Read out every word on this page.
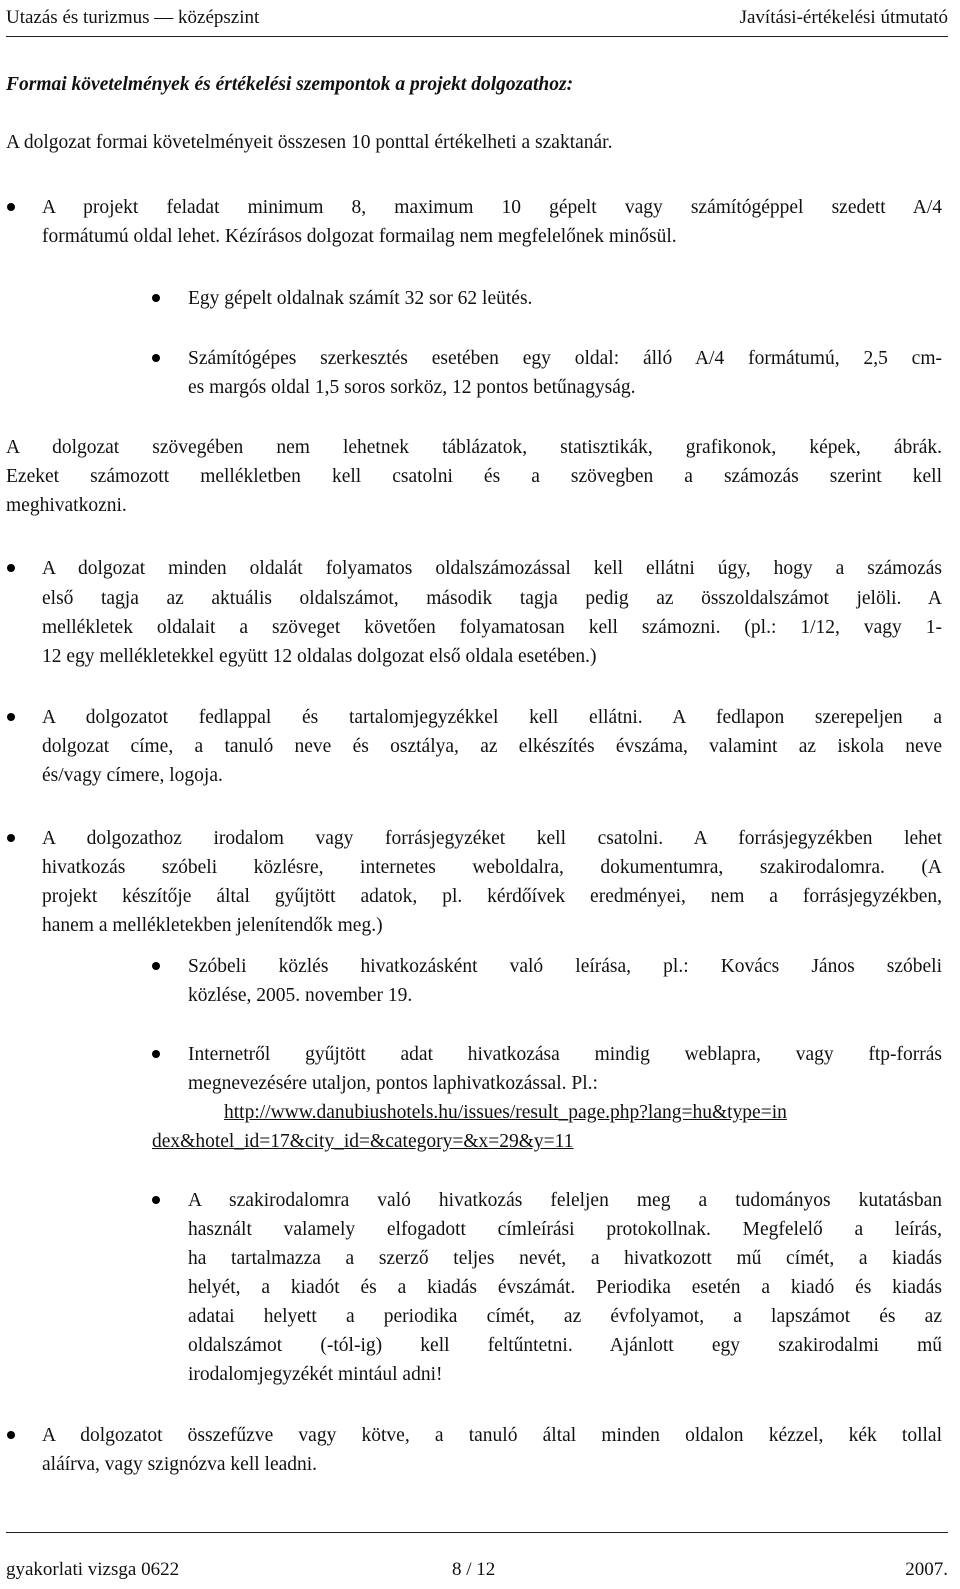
Utazás és turizmus — középszint	Javítási-értékelési útmutató
Formai követelmények és értékelési szempontok a projekt dolgozathoz:
A dolgozat formai követelményeit összesen 10 ponttal értékelheti a szaktanár.
A projekt feladat minimum 8, maximum 10 gépelt vagy számítógéppel szedett A/4
formátumú oldal lehet. Kézírásos dolgozat formailag nem megfelelőnek minősül.
Egy gépelt oldalnak számít 32 sor 62 leütés.
Számítógépes szerkesztés esetében egy oldal: álló A/4 formátumú, 2,5 cm-
es margós oldal 1,5 soros sorköz, 12 pontos betűnagyság.
A dolgozat szövegében nem lehetnek táblázatok, statisztikák, grafikonok, képek, ábrák.
Ezeket számozott mellékletben kell csatolni és a szövegben a számozás szerint kell
meghivatkozni.
A dolgozat minden oldalát folyamatos oldalszámozással kell ellátni úgy, hogy a számozás
első tagja az aktuális oldalszámot, második tagja pedig az összoldalszámot jelöli. A
mellékletek oldalait a szöveget követően folyamatosan kell számozni. (pl.: 1/12, vagy 1-
12 egy mellékletekkel együtt 12 oldalas dolgozat első oldala esetében.)
A dolgozatot fedlappal és tartalomjegyzékkel kell ellátni. A fedlapon szerepeljen a
dolgozat címe, a tanuló neve és osztálya, az elkészítés évszáma, valamint az iskola neve
és/vagy címere, logoja.
A dolgozathoz irodalom vagy forrásjegyzéket kell csatolni. A forrásjegyzékben lehet
hivatkozás szóbeli közlésre, internetes weboldalra, dokumentumra, szakirodalomra. (A
projekt készítője által gyűjtött adatok, pl. kérdőívek eredményei, nem a forrásjegyzékben,
hanem a mellékletekben jelenítendők meg.)
Szóbeli közlés hivatkozásként való leírása, pl.: Kovács János szóbeli
közlése, 2005. november 19.
Internetről gyűjtött adat hivatkozása mindig weblapra, vagy ftp-forrás
megnevezésére utaljon, pontos laphivatkozással. Pl.:
http://www.danubiushotels.hu/issues/result_page.php?lang=hu&type=in
dex&hotel_id=17&city_id=&category=&x=29&y=11
A szakirodalomra való hivatkozás feleljen meg a tudományos kutatásban
használt valamely elfogadott címleírási protokollnak. Megfelelő a leírás,
ha tartalmazza a szerző teljes nevét, a hivatkozott mű címét, a kiadás
helyét, a kiadót és a kiadás évszámát. Periodika esetén a kiadó és kiadás
adatai helyett a periodika címét, az évfolyamot, a lapszámot és az
oldalszámot (-tól-ig) kell feltűntetni. Ajánlott egy szakirodalmi mű
irodalomjegyzékét mintául adni!
A dolgozatot összefűzve vagy kötve, a tanuló által minden oldalon kézzel, kék tollal
aláírva, vagy szignózva kell leadni.
gyakorlati vizsga 0622	8 / 12	2007.
